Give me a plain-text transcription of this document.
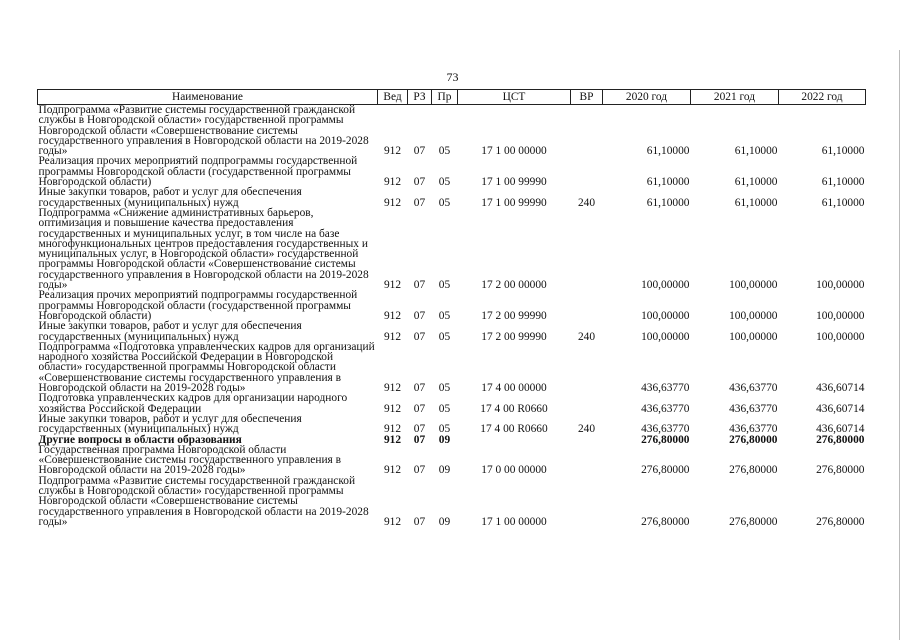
73
Наименование	Вед	РЗ	Пр	ЦСТ	ВР	2020 год	2021 год	2022 год
Подпрограмма «Развитие системы государственной гражданской службы в Новгородской области» государственной программы Новгородской области «Совершенствование системы государственного управления в Новгородской области на 2019-2028 годы»	912	07	05	17 1 00 00000		61,10000	61,10000	61,10000
Реализация прочих мероприятий подпрограммы государственной программы Новгородской области (государственной программы Новгородской области)	912	07	05	17 1 00 99990		61,10000	61,10000	61,10000
Иные закупки товаров, работ и услуг для обеспечения государственных (муниципальных) нужд	912	07	05	17 1 00 99990	240	61,10000	61,10000	61,10000
Подпрограмма «Снижение административных барьеров, оптимизация и повышение качества предоставления государственных и муниципальных услуг, в том числе на базе многофункциональных центров предоставления государственных и муниципальных услуг, в Новгородской области» государственной программы Новгородской области «Совершенствование системы государственного управления в Новгородской области на 2019-2028 годы»	912	07	05	17 2 00 00000		100,00000	100,00000	100,00000
Реализация прочих мероприятий подпрограммы государственной программы Новгородской области (государственной программы Новгородской области)	912	07	05	17 2 00 99990		100,00000	100,00000	100,00000
Иные закупки товаров, работ и услуг для обеспечения государственных (муниципальных) нужд	912	07	05	17 2 00 99990	240	100,00000	100,00000	100,00000
Подпрограмма «Подготовка управленческих кадров для организаций народного хозяйства Российской Федерации в Новгородской области» государственной программы Новгородской области «Совершенствование системы государственного управления в Новгородской области на 2019-2028 годы»	912	07	05	17 4 00 00000		436,63770	436,63770	436,60714
Подготовка управленческих кадров для организации народного хозяйства Российской Федерации	912	07	05	17 4 00 R0660		436,63770	436,63770	436,60714
Иные закупки товаров, работ и услуг для обеспечения государственных (муниципальных) нужд	912	07	05	17 4 00 R0660	240	436,63770	436,63770	436,60714
Другие вопросы в области образования	912	07	09			276,80000	276,80000	276,80000
Государственная программа Новгородской области «Совершенствование системы государственного управления в Новгородской области на 2019-2028 годы»	912	07	09	17 0 00 00000		276,80000	276,80000	276,80000
Подпрограмма «Развитие системы государственной гражданской службы в Новгородской области» государственной программы Новгородской области «Совершенствование системы государственного управления в Новгородской области на 2019-2028 годы»	912	07	09	17 1 00 00000		276,80000	276,80000	276,80000
